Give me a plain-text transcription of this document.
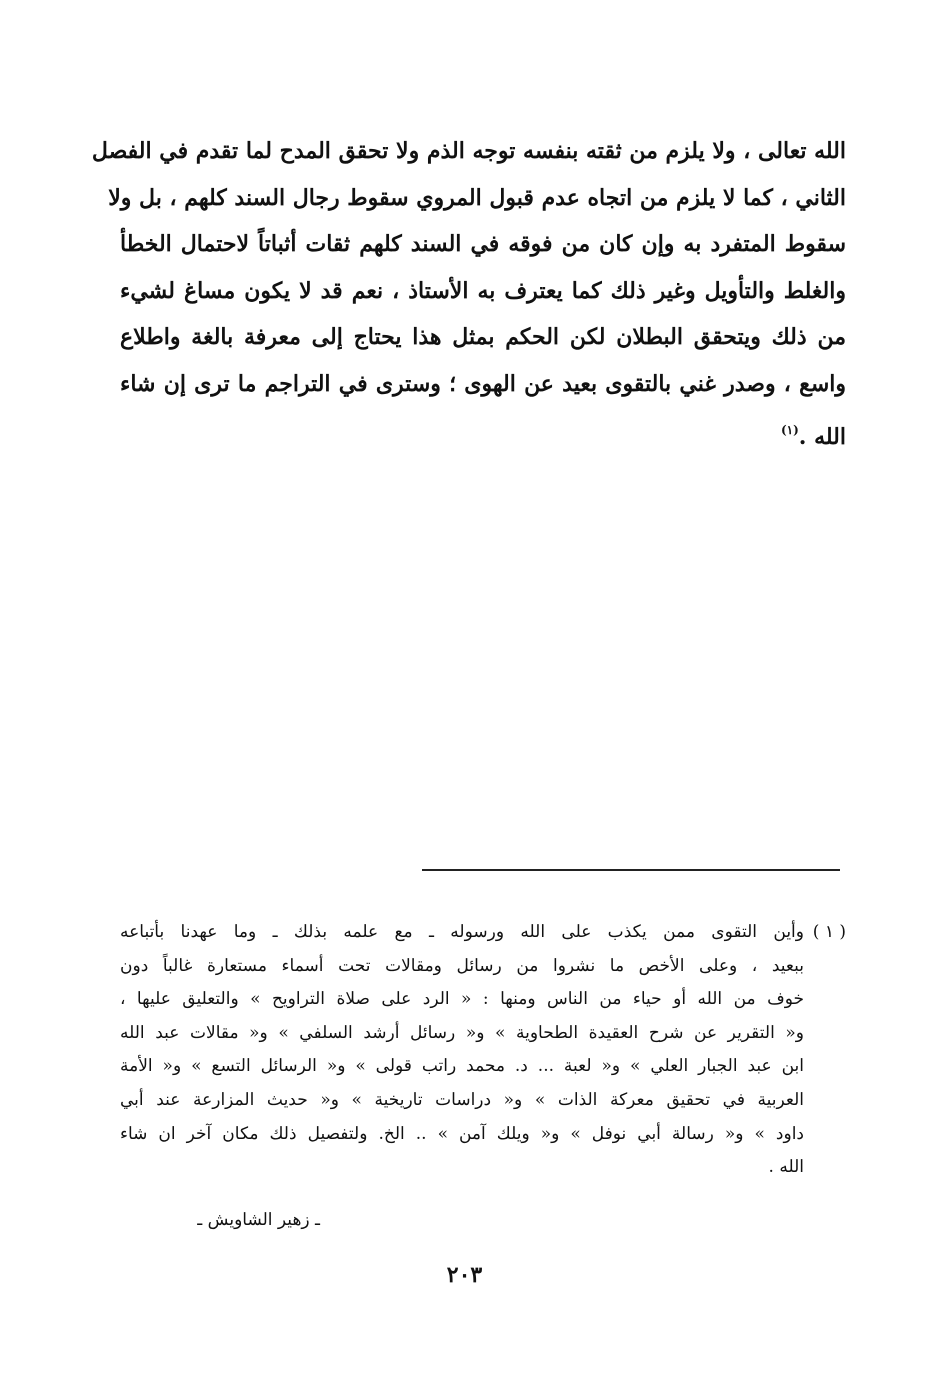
الله تعالى ، ولا يلزم من ثقته بنفسه توجه الذم ولا تحقق المدح لما تقدم في الفصل
الثاني ، كما لا يلزم من اتجاه عدم قبول المروي سقوط رجال السند كلهم ، بل ولا
سقوط المتفرد به وإن كان من فوقه في السند كلهم ثقات أثباتاً لاحتمال الخطأ
والغلط والتأويل وغير ذلك كما يعترف به الأستاذ ، نعم قد لا يكون مساغ لشيء
من ذلك ويتحقق البطلان لكن الحكم بمثل هذا يحتاج إلى معرفة بالغة واطلاع
واسع ، وصدر غني بالتقوى بعيد عن الهوى ؛ وسترى في التراجم ما ترى إن شاء
الله .$^{(١)}$
( ١ )
وأين التقوى ممن يكذب على الله ورسوله ـ مع علمه بذلك ـ وما عهدنا بأتباعه
ببعيد ، وعلى الأخص ما نشروا من رسائل ومقالات تحت أسماء مستعارة غالباً دون
خوف من الله أو حياء من الناس ومنها : « الرد على صلاة التراويح » والتعليق عليها ،
و« التقرير عن شرح العقيدة الطحاوية » و« رسائل أرشد السلفي » و« مقالات عبد الله
ابن عبد الجبار العلي » و« لعبة ... د. محمد راتب قولى » و« الرسائل التسع » و« الأمة
العربية في تحقيق معركة الذات » و« دراسات تاريخية » و« حديث المزارعة عند أبي
داود » و« رسالة أبي نوفل » و« ويلك آمن » .. الخ. ولتفصيل ذلك مكان آخر ان شاء
الله .
ـ زهير الشاويش ـ
٢٠٣
